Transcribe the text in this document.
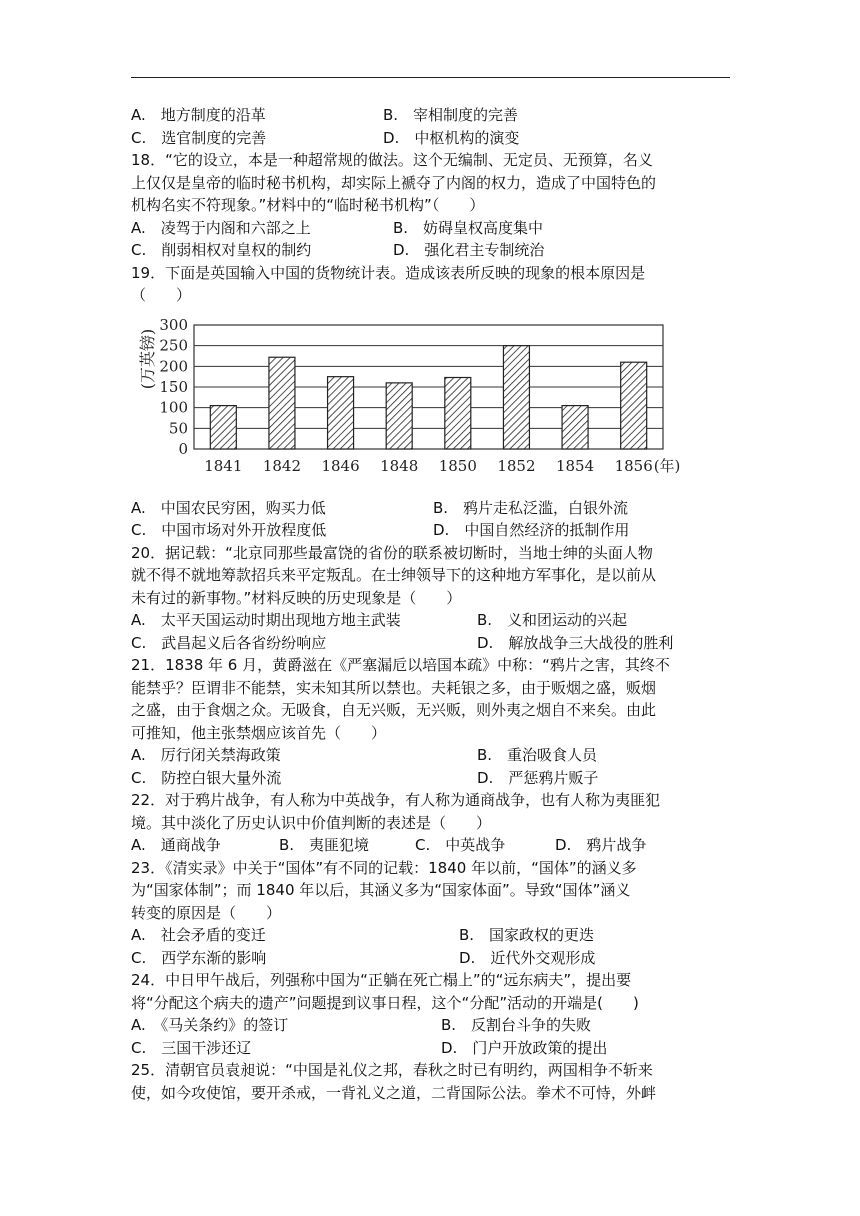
A.　地方制度的沿革	B.　宰相制度的完善
C.　选官制度的完善	D.　中枢机构的演变
18．“它的设立，本是一种超常规的做法。这个无编制、无定员、无预算，名义
上仅仅是皇帝的临时秘书机构，却实际上褫夺了内阁的权力，造成了中国特色的
机构名实不符现象。”材料中的“临时秘书机构”（　　）
A.　凌驾于内阁和六部之上	B.　妨碍皇权高度集中
C.　削弱相权对皇权的制约	D.　强化君主专制统治
19．下面是英国输入中国的货物统计表。造成该表所反映的现象的根本原因是
（　　）
0
50
100
150
200
250
300
(万英镑)
1841 1842 1846 1848 1850 1852 1854 1856 (年)
A.　中国农民穷困，购买力低	B.　鸦片走私泛滥，白银外流
C.　中国市场对外开放程度低	D.　中国自然经济的抵制作用
20．据记载：“北京同那些最富饶的省份的联系被切断时，当地士绅的头面人物
就不得不就地筹款招兵来平定叛乱。在士绅领导下的这种地方军事化，是以前从
未有过的新事物。”材料反映的历史现象是（　　）
A.　太平天国运动时期出现地方地主武装	B.　义和团运动的兴起
C.　武昌起义后各省纷纷响应	D.　解放战争三大战役的胜利
21．1838 年 6 月，黄爵滋在《严塞漏卮以培国本疏》中称：“鸦片之害，其终不
能禁乎？臣谓非不能禁，实未知其所以禁也。夫耗银之多，由于贩烟之盛，贩烟
之盛，由于食烟之众。无吸食，自无兴贩，无兴贩，则外夷之烟自不来矣。由此
可推知，他主张禁烟应该首先（　　）
A.　厉行闭关禁海政策	B.　重治吸食人员
C.　防控白银大量外流	D.　严惩鸦片贩子
22．对于鸦片战争，有人称为中英战争，有人称为通商战争，也有人称为夷匪犯
境。其中淡化了历史认识中价值判断的表述是（　　）
A.　通商战争	B.　夷匪犯境	C.　中英战争	D.　鸦片战争
23．《清实录》中关于“国体”有不同的记载：1840 年以前，“国体”的涵义多
为“国家体制”；而 1840 年以后，其涵义多为“国家体面”。导致“国体”涵义
转变的原因是（　　）
A.　社会矛盾的变迁	B.　国家政权的更迭
C.　西学东渐的影响	D.　近代外交观形成
24．中日甲午战后，列强称中国为“正躺在死亡榻上”的“远东病夫”，提出要
将“分配这个病夫的遗产”问题提到议事日程，这个“分配”活动的开端是(　　)
A.　《马关条约》的签订	B.　反割台斗争的失败
C.　三国干涉还辽	D.　门户开放政策的提出
25．清朝官员袁昶说：“中国是礼仪之邦，春秋之时已有明约，两国相争不斩来
使，如今攻使馆，要开杀戒，一背礼义之道，二背国际公法。拳术不可恃，外衅
